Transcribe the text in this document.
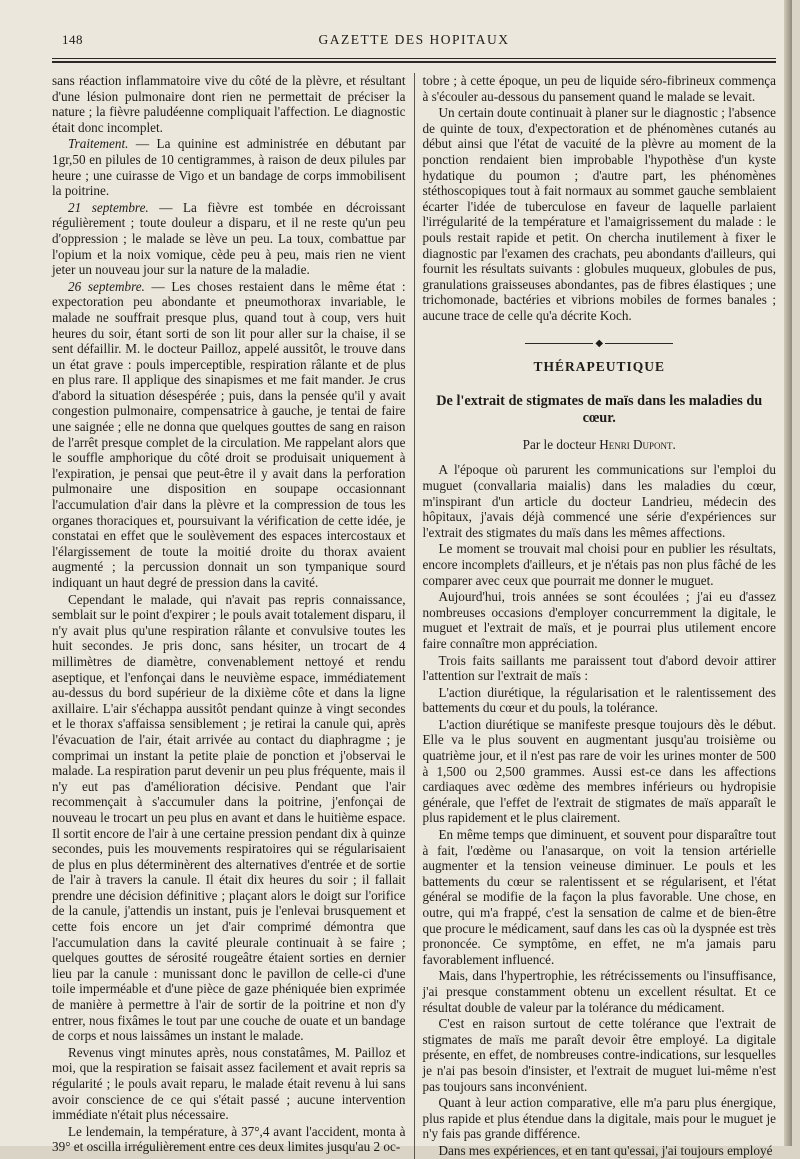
148	GAZETTE DES HOPITAUX

sans réaction inflammatoire vive du côté de la plèvre, et résultant d'une lésion pulmonaire dont rien ne permettait de préciser la nature ; la fièvre paludéenne compliquait l'affection. Le diagnostic était donc incomplet.

Traitement. — La quinine est administrée en débutant par 1gr,50 en pilules de 10 centigrammes, à raison de deux pilules par heure ; une cuirasse de Vigo et un bandage de corps immobilisent la poitrine.

21 septembre. — La fièvre est tombée en décroissant régulièrement ; toute douleur a disparu, et il ne reste qu'un peu d'oppression ; le malade se lève un peu. La toux, combattue par l'opium et la noix vomique, cède peu à peu, mais rien ne vient jeter un nouveau jour sur la nature de la maladie.

26 septembre. — Les choses restaient dans le même état : expectoration peu abondante et pneumothorax invariable, le malade ne souffrait presque plus, quand tout à coup, vers huit heures du soir, étant sorti de son lit pour aller sur la chaise, il se sent défaillir. M. le docteur Pailloz, appelé aussitôt, le trouve dans un état grave : pouls imperceptible, respiration râlante et de plus en plus rare. Il applique des sinapismes et me fait mander. Je crus d'abord la situation désespérée ; puis, dans la pensée qu'il y avait congestion pulmonaire, compensatrice à gauche, je tentai de faire une saignée ; elle ne donna que quelques gouttes de sang en raison de l'arrêt presque complet de la circulation. Me rappelant alors que le souffle amphorique du côté droit se produisait uniquement à l'expiration, je pensai que peut-être il y avait dans la perforation pulmonaire une disposition en soupape occasionnant l'accumulation d'air dans la plèvre et la compression de tous les organes thoraciques et, poursuivant la vérification de cette idée, je constatai en effet que le soulèvement des espaces intercostaux et l'élargissement de toute la moitié droite du thorax avaient augmenté ; la percussion donnait un son tympanique sourd indiquant un haut degré de pression dans la cavité.

Cependant le malade, qui n'avait pas repris connaissance, semblait sur le point d'expirer ; le pouls avait totalement disparu, il n'y avait plus qu'une respiration râlante et convulsive toutes les huit secondes. Je pris donc, sans hésiter, un trocart de 4 millimètres de diamètre, convenablement nettoyé et rendu aseptique, et l'enfonçai dans le neuvième espace, immédiatement au-dessus du bord supérieur de la dixième côte et dans la ligne axillaire. L'air s'échappa aussitôt pendant quinze à vingt secondes et le thorax s'affaissa sensiblement ; je retirai la canule qui, après l'évacuation de l'air, était arrivée au contact du diaphragme ; je comprimai un instant la petite plaie de ponction et j'observai le malade. La respiration parut devenir un peu plus fréquente, mais il n'y eut pas d'amélioration décisive. Pendant que l'air recommençait à s'accumuler dans la poitrine, j'enfonçai de nouveau le trocart un peu plus en avant et dans le huitième espace. Il sortit encore de l'air à une certaine pression pendant dix à quinze secondes, puis les mouvements respiratoires qui se régularisaient de plus en plus déterminèrent des alternatives d'entrée et de sortie de l'air à travers la canule. Il était dix heures du soir ; il fallait prendre une décision définitive ; plaçant alors le doigt sur l'orifice de la canule, j'attendis un instant, puis je l'enlevai brusquement et cette fois encore un jet d'air comprimé démontra que l'accumulation dans la cavité pleurale continuait à se faire ; quelques gouttes de sérosité rougeâtre étaient sorties en dernier lieu par la canule : munissant donc le pavillon de celle-ci d'une toile imperméable et d'une pièce de gaze phéniquée bien exprimée de manière à permettre à l'air de sortir de la poitrine et non d'y entrer, nous fixâmes le tout par une couche de ouate et un bandage de corps et nous laissâmes un instant le malade.

Revenus vingt minutes après, nous constatâmes, M. Pailloz et moi, que la respiration se faisait assez facilement et avait repris sa régularité ; le pouls avait reparu, le malade était revenu à lui sans avoir conscience de ce qui s'était passé ; aucune intervention immédiate n'était plus nécessaire.

Le lendemain, la température, à 37°,4 avant l'accident, monta à 39° et oscilla irrégulièrement entre ces deux limites jusqu'au 2 oc-

tobre ; à cette époque, un peu de liquide séro-fibrineux commença à s'écouler au-dessous du pansement quand le malade se levait.

Un certain doute continuait à planer sur le diagnostic ; l'absence de quinte de toux, d'expectoration et de phénomènes cutanés au début ainsi que l'état de vacuité de la plèvre au moment de la ponction rendaient bien improbable l'hypothèse d'un kyste hydatique du poumon ; d'autre part, les phénomènes stéthoscopiques tout à fait normaux au sommet gauche semblaient écarter l'idée de tuberculose en faveur de laquelle parlaient l'irrégularité de la température et l'amaigrissement du malade : le pouls restait rapide et petit. On chercha inutilement à fixer le diagnostic par l'examen des crachats, peu abondants d'ailleurs, qui fournit les résultats suivants : globules muqueux, globules de pus, granulations graisseuses abondantes, pas de fibres élastiques ; une trichomonade, bactéries et vibrions mobiles de formes banales ; aucune trace de celle qu'a décrite Koch.

◆
THÉRAPEUTIQUE
De l'extrait de stigmates de maïs dans les maladies du cœur.
Par le docteur Henri Dupont.

A l'époque où parurent les communications sur l'emploi du muguet (convallaria maialis) dans les maladies du cœur, m'inspirant d'un article du docteur Landrieu, médecin des hôpitaux, j'avais déjà commencé une série d'expériences sur l'extrait des stigmates du maïs dans les mêmes affections.

Le moment se trouvait mal choisi pour en publier les résultats, encore incomplets d'ailleurs, et je n'étais pas non plus fâché de les comparer avec ceux que pourrait me donner le muguet.

Aujourd'hui, trois années se sont écoulées ; j'ai eu d'assez nombreuses occasions d'employer concurremment la digitale, le muguet et l'extrait de maïs, et je pourrai plus utilement encore faire connaître mon appréciation.

Trois faits saillants me paraissent tout d'abord devoir attirer l'attention sur l'extrait de maïs :

L'action diurétique, la régularisation et le ralentissement des battements du cœur et du pouls, la tolérance.

L'action diurétique se manifeste presque toujours dès le début. Elle va le plus souvent en augmentant jusqu'au troisième ou quatrième jour, et il n'est pas rare de voir les urines monter de 500 à 1,500 ou 2,500 grammes. Aussi est-ce dans les affections cardiaques avec œdème des membres inférieurs ou hydropisie générale, que l'effet de l'extrait de stigmates de maïs apparaît le plus rapidement et le plus clairement.

En même temps que diminuent, et souvent pour disparaître tout à fait, l'œdème ou l'anasarque, on voit la tension artérielle augmenter et la tension veineuse diminuer. Le pouls et les battements du cœur se ralentissent et se régularisent, et l'état général se modifie de la façon la plus favorable. Une chose, en outre, qui m'a frappé, c'est la sensation de calme et de bien-être que procure le médicament, sauf dans les cas où la dyspnée est très prononcée. Ce symptôme, en effet, ne m'a jamais paru favorablement influencé.

Mais, dans l'hypertrophie, les rétrécissements ou l'insuffisance, j'ai presque constamment obtenu un excellent résultat. Et ce résultat double de valeur par la tolérance du médicament.

C'est en raison surtout de cette tolérance que l'extrait de stigmates de maïs me paraît devoir être employé. La digitale présente, en effet, de nombreuses contre-indications, sur lesquelles je n'ai pas besoin d'insister, et l'extrait de muguet lui-même n'est pas toujours sans inconvénient.

Quant à leur action comparative, elle m'a paru plus énergique, plus rapide et plus étendue dans la digitale, mais pour le muguet je n'y fais pas grande différence.

Dans mes expériences, et en tant qu'essai, j'ai toujours employé
